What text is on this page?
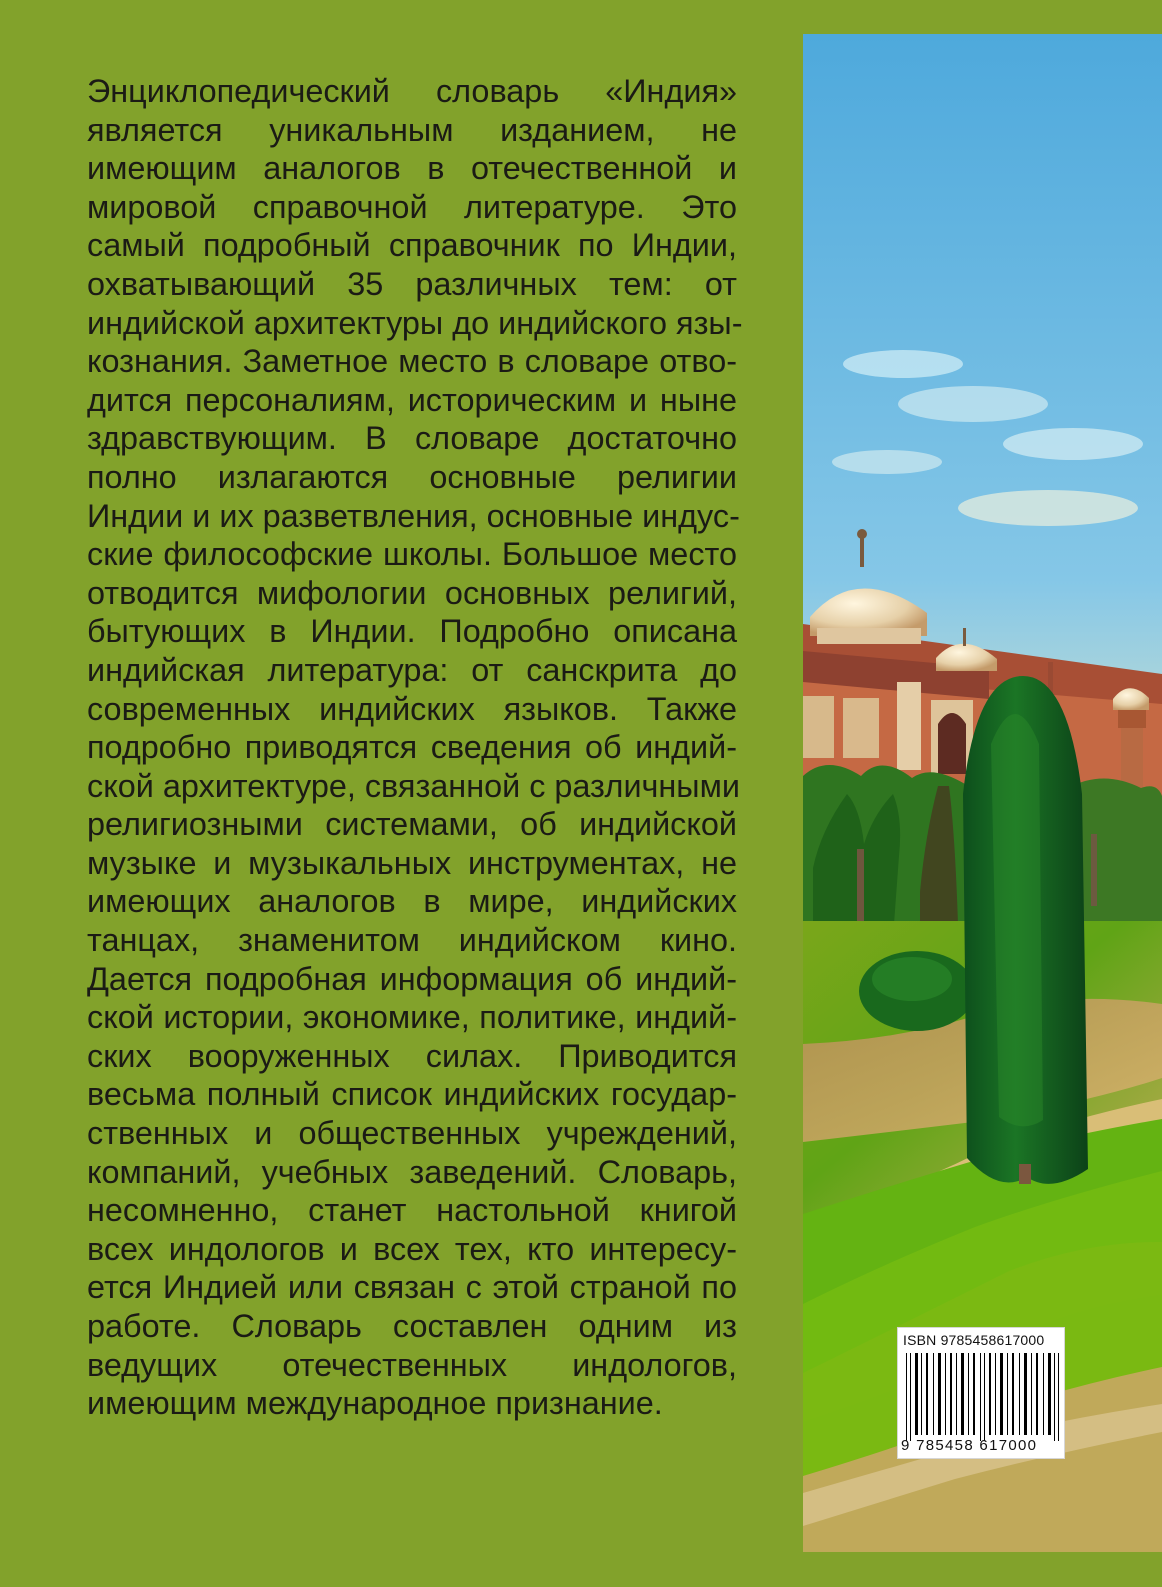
Энциклопедический словарь «Индия»
является уникальным изданием, не
имеющим аналогов в отечественной и
мировой справочной литературе. Это
самый подробный справочник по Индии,
охватывающий 35 различных тем: от
индийской архитектуры до индийского язы-
кознания. Заметное место в словаре отво-
дится персоналиям, историческим и ныне
здравствующим. В словаре достаточно
полно излагаются основные религии
Индии и их разветвления, основные индус-
ские философские школы. Большое место
отводится мифологии основных религий,
бытующих в Индии. Подробно описана
индийская литература: от санскрита до
современных индийских языков. Также
подробно приводятся сведения об индий-
ской архитектуре, связанной с различными
религиозными системами, об индийской
музыке и музыкальных инструментах, не
имеющих аналогов в мире, индийских
танцах, знаменитом индийском кино.
Дается подробная информация об индий-
ской истории, экономике, политике, индий-
ских вооруженных силах. Приводится
весьма полный список индийских государ-
ственных и общественных учреждений,
компаний, учебных заведений. Словарь,
несомненно, станет настольной книгой
всех индологов и всех тех, кто интересу-
ется Индией или связан с этой страной по
работе. Словарь составлен одним из
ведущих отечественных индологов,
имеющим международное признание.
ISBN 9785458617000
9 785458 617000
